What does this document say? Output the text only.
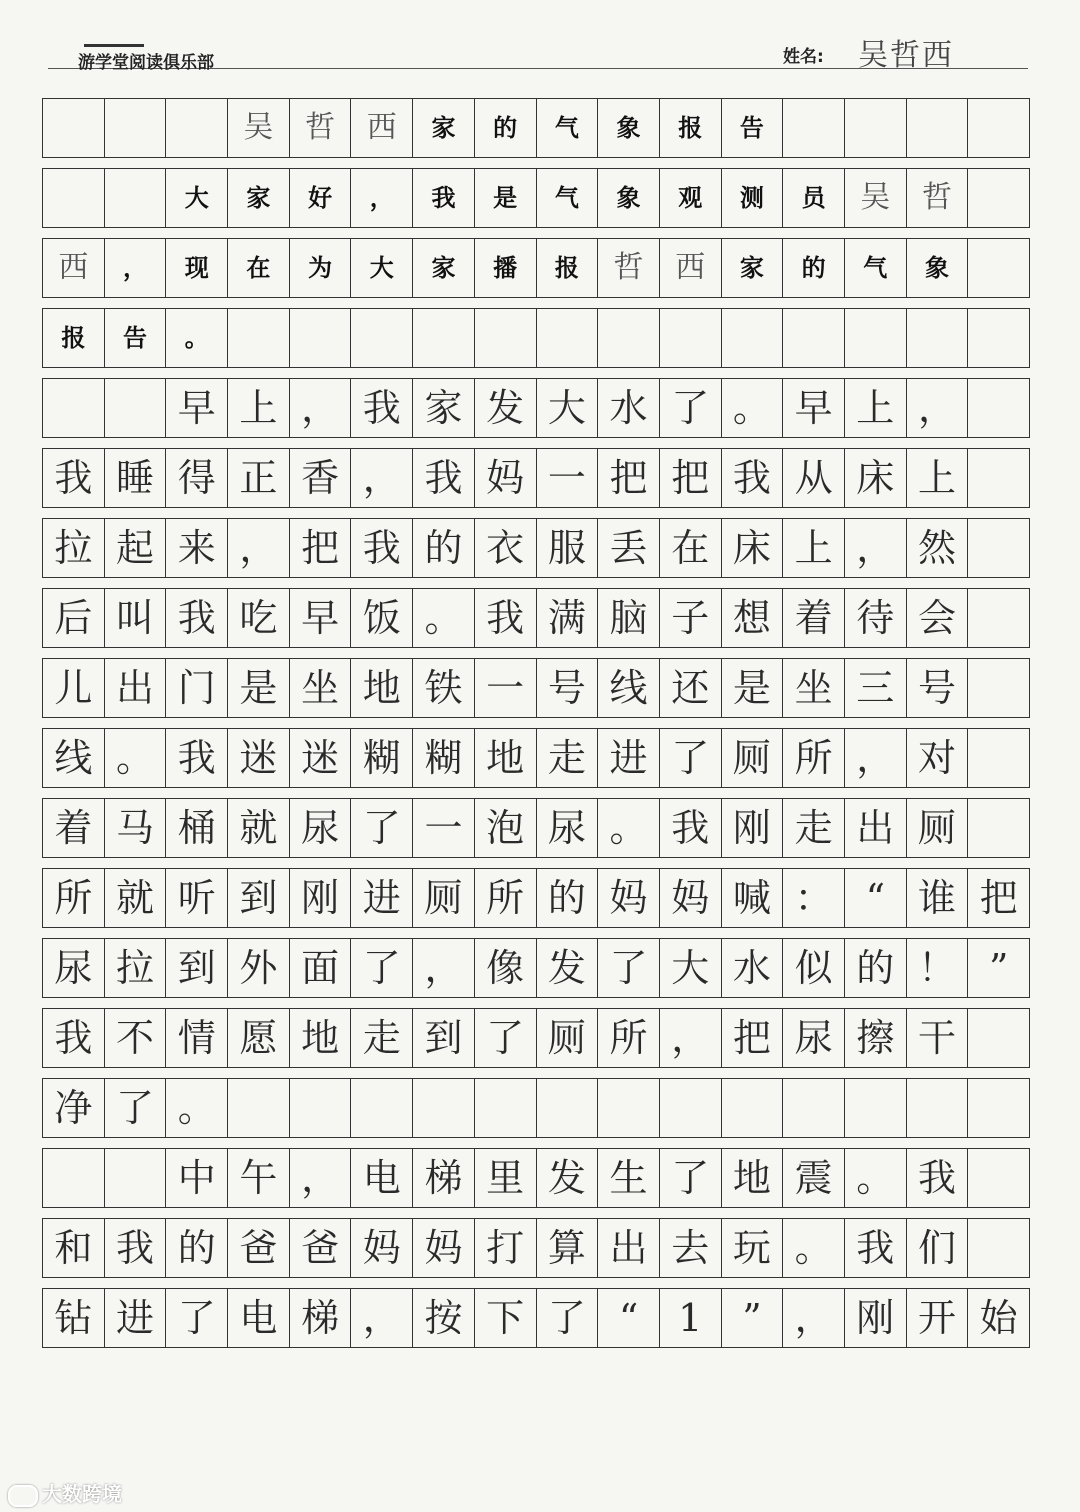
游学堂阅读俱乐部	姓名: 吴哲西
吴	哲	西	家	的	气	象	报	告
大	家	好	，	我	是	气	象	观	测	员	吴	哲
西	，	现	在	为	大	家	播	报	哲	西	家	的	气	象
报	告	。
早 上 ， 我 家 发 大 水 了 。 早 上 ，
我 睡 得 正 香 ， 我 妈 一 把 把 我 从 床 上
拉 起 来 ， 把 我 的 衣 服 丢 在 床 上 ， 然
后 叫 我 吃 早 饭 。 我 满 脑 子 想 着 待 会
儿 出 门 是 坐 地 铁 一 号 线 还 是 坐 三 号
线 。 我 迷 迷 糊 糊 地 走 进 了 厕 所 ， 对
着 马 桶 就 尿 了 一 泡 尿 。 我 刚 走 出 厕
所 就 听 到 刚 进 厕 所 的 妈 妈 喊 ： “ 谁 把
尿 拉 到 外 面 了 ， 像 发 了 大 水 似 的 ！ ”
我 不 情 愿 地 走 到 了 厕 所 ， 把 尿 擦 干
净 了 。
中 午 ， 电 梯 里 发 生 了 地 震 。 我
和 我 的 爸 爸 妈 妈 打 算 出 去 玩 。 我 们
钻 进 了 电 梯 ， 按 下 了 “	1	” ， 刚 开 始
大数跨境
